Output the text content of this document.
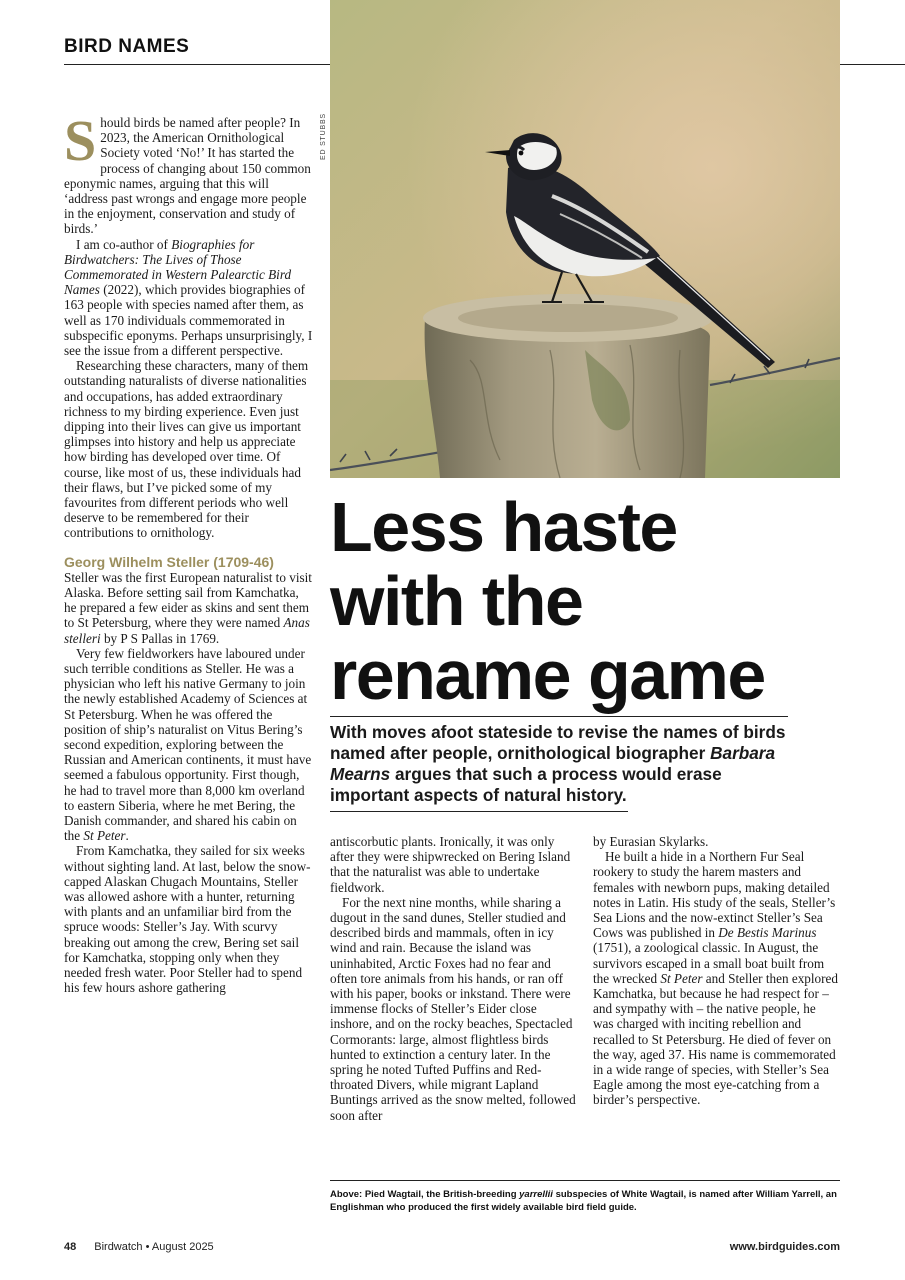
BIRD NAMES
ED STUBBS

Should birds be named after people? In 2023, the American Ornithological Society voted ‘No!’ It has started the process of changing about 150 common eponymic names, arguing that this will ‘address past wrongs and engage more people in the enjoyment, conservation and study of birds.’

I am co-author of Biographies for Birdwatchers: The Lives of Those Commemorated in Western Palearctic Bird Names (2022), which provides biographies of 163 people with species named after them, as well as 170 individuals commemorated in subspecific eponyms. Perhaps unsurprisingly, I see the issue from a different perspective.

Researching these characters, many of them outstanding naturalists of diverse nationalities and occupations, has added extraordinary richness to my birding experience. Even just dipping into their lives can give us important glimpses into history and help us appreciate how birding has developed over time. Of course, like most of us, these individuals had their flaws, but I’ve picked some of my favourites from different periods who well deserve to be remembered for their contributions to ornithology.

Georg Wilhelm Steller (1709-46)

Steller was the first European naturalist to visit Alaska. Before setting sail from Kamchatka, he prepared a few eider as skins and sent them to St Petersburg, where they were named Anas stelleri by P S Pallas in 1769.

Very few fieldworkers have laboured under such terrible conditions as Steller. He was a physician who left his native Germany to join the newly established Academy of Sciences at St Petersburg. When he was offered the position of ship’s naturalist on Vitus Bering’s second expedition, exploring between the Russian and American continents, it must have seemed a fabulous opportunity. First though, he had to travel more than 8,000 km overland to eastern Siberia, where he met Bering, the Danish commander, and shared his cabin on the St Peter.

From Kamchatka, they sailed for six weeks without sighting land. At last, below the snow-capped Alaskan Chugach Mountains, Steller was allowed ashore with a hunter, returning with plants and an unfamiliar bird from the spruce woods: Steller’s Jay. With scurvy breaking out among the crew, Bering set sail for Kamchatka, stopping only when they needed fresh water. Poor Steller had to spend his few hours ashore gathering

Less haste
with the
rename game
With moves afoot stateside to revise the names of birds named after people, ornithological biographer Barbara Mearns argues that such a process would erase important aspects of natural history.

antiscorbutic plants. Ironically, it was only after they were shipwrecked on Bering Island that the naturalist was able to undertake fieldwork.

For the next nine months, while sharing a dugout in the sand dunes, Steller studied and described birds and mammals, often in icy wind and rain. Because the island was uninhabited, Arctic Foxes had no fear and often tore animals from his hands, or ran off with his paper, books or inkstand. There were immense flocks of Steller’s Eider close inshore, and on the rocky beaches, Spectacled Cormorants: large, almost flightless birds hunted to extinction a century later. In the spring he noted Tufted Puffins and Red-throated Divers, while migrant Lapland Buntings arrived as the snow melted, followed soon after

by Eurasian Skylarks.

He built a hide in a Northern Fur Seal rookery to study the harem masters and females with newborn pups, making detailed notes in Latin. His study of the seals, Steller’s Sea Lions and the now-extinct Steller’s Sea Cows was published in De Bestis Marinus (1751), a zoological classic. In August, the survivors escaped in a small boat built from the wrecked St Peter and Steller then explored Kamchatka, but because he had respect for – and sympathy with – the native people, he was charged with inciting rebellion and recalled to St Petersburg. He died of fever on the way, aged 37. His name is commemorated in a wide range of species, with Steller’s Sea Eagle among the most eye-catching from a birder’s perspective.

Above: Pied Wagtail, the British-breeding yarrellii subspecies of White Wagtail, is named after William Yarrell, an Englishman who produced the first widely available bird field guide.
48 Birdwatch • August 2025	www.birdguides.com
